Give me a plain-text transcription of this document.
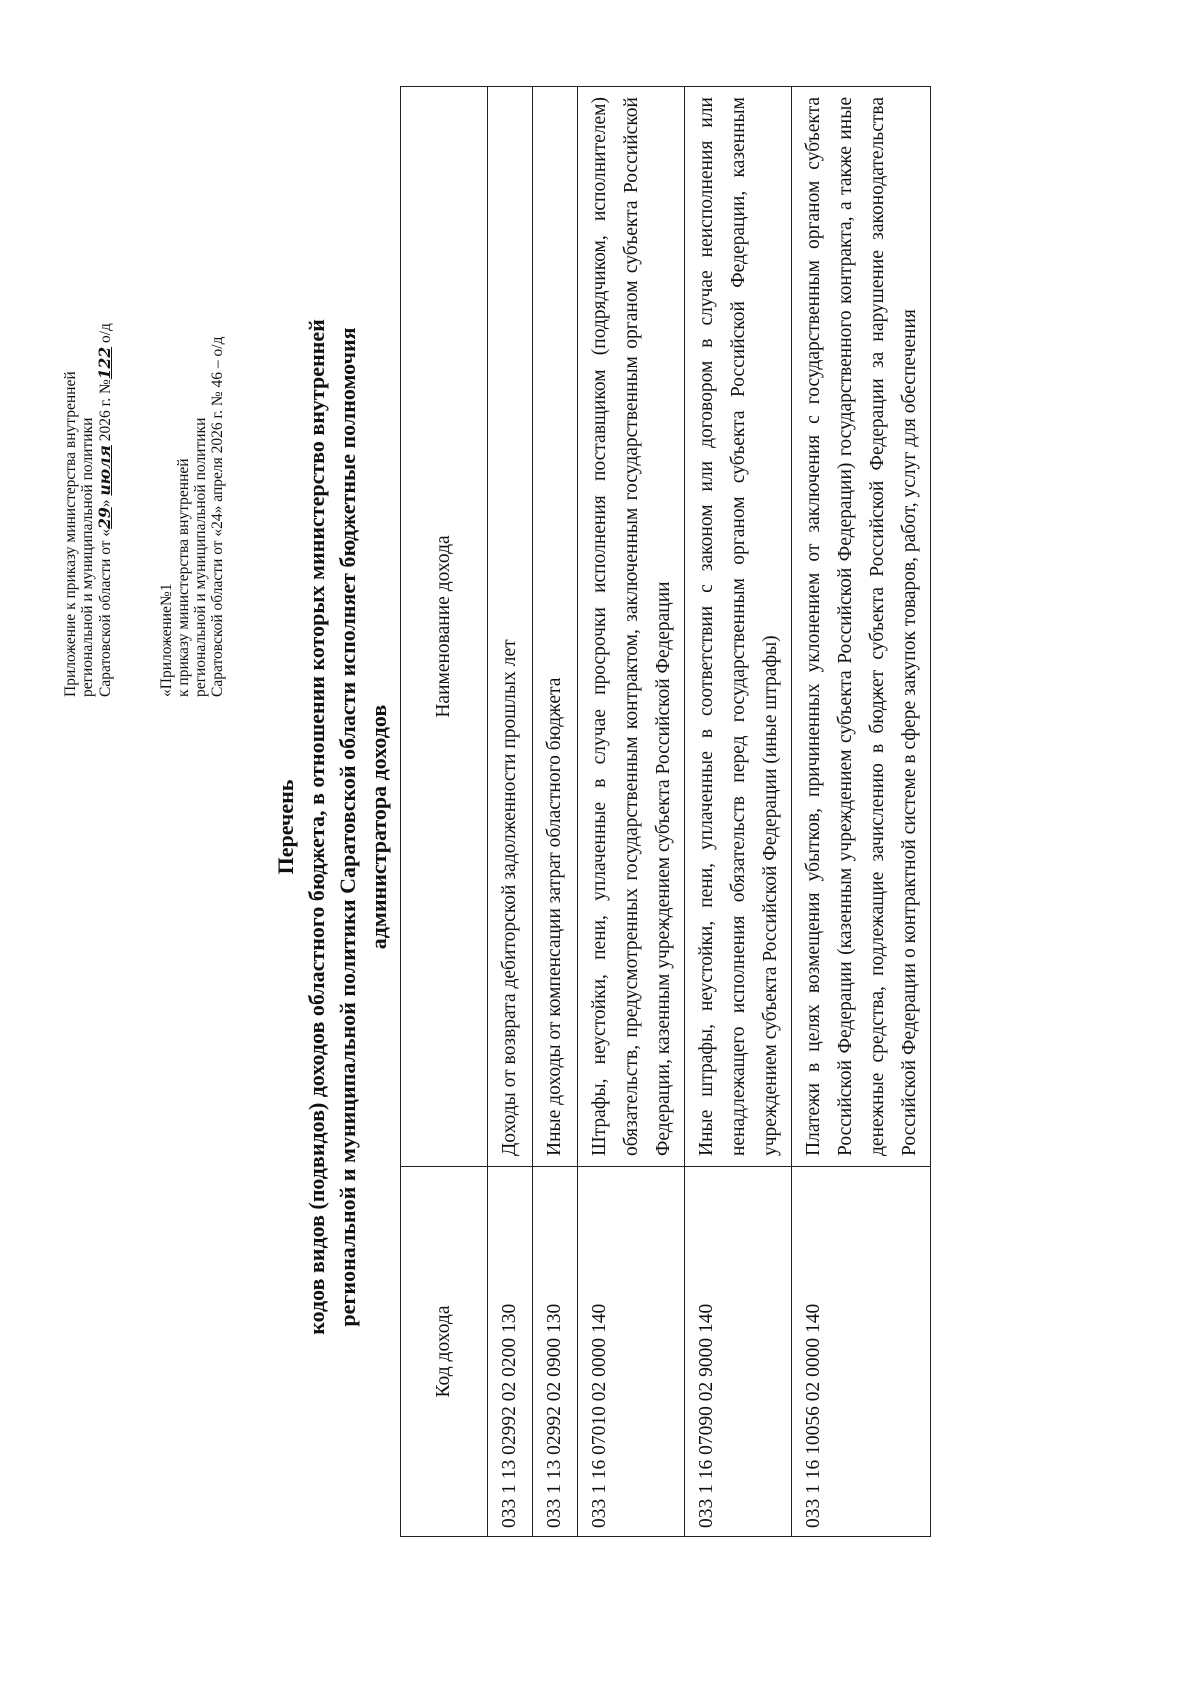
Приложение к приказу министерства внутренней региональной и муниципальной политики Саратовской области от «29» июля 2026 г. №122 о/д
«Приложение№1 к приказу министерства внутренней региональной и муниципальной политики Саратовской области от «24» апреля 2026 г. № 46 – о/д
Перечень кодов видов (подвидов) доходов областного бюджета, в отношении которых министерство внутренней региональной и муниципальной политики Саратовской области исполняет бюджетные полномочия администратора доходов
Код дохода	Наименование дохода
033 1 13 02992 02 0200 130	Доходы от возврата дебиторской задолженности прошлых лет
033 1 13 02992 02 0900 130	Иные доходы от компенсации затрат областного бюджета
033 1 16 07010 02 0000 140	Штрафы, неустойки, пени, уплаченные в случае просрочки исполнения поставщиком (подрядчиком, исполнителем) обязательств, предусмотренных государственным контрактом, заключенным государственным органом субъекта Российской Федерации, казенным учреждением субъекта Российской Федерации
033 1 16 07090 02 9000 140	Иные штрафы, неустойки, пени, уплаченные в соответствии с законом или договором в случае неисполнения или ненадлежащего исполнения обязательств перед государственным органом субъекта Российской Федерации, казенным учреждением субъекта Российской Федерации (иные штрафы)
033 1 16 10056 02 0000 140	Платежи в целях возмещения убытков, причиненных уклонением от заключения с государственным органом субъекта Российской Федерации (казенным учреждением субъекта Российской Федерации) государственного контракта, а также иные денежные средства, подлежащие зачислению в бюджет субъекта Российской Федерации за нарушение законодательства Российской Федерации о контрактной системе в сфере закупок товаров, работ, услуг для обеспечения
